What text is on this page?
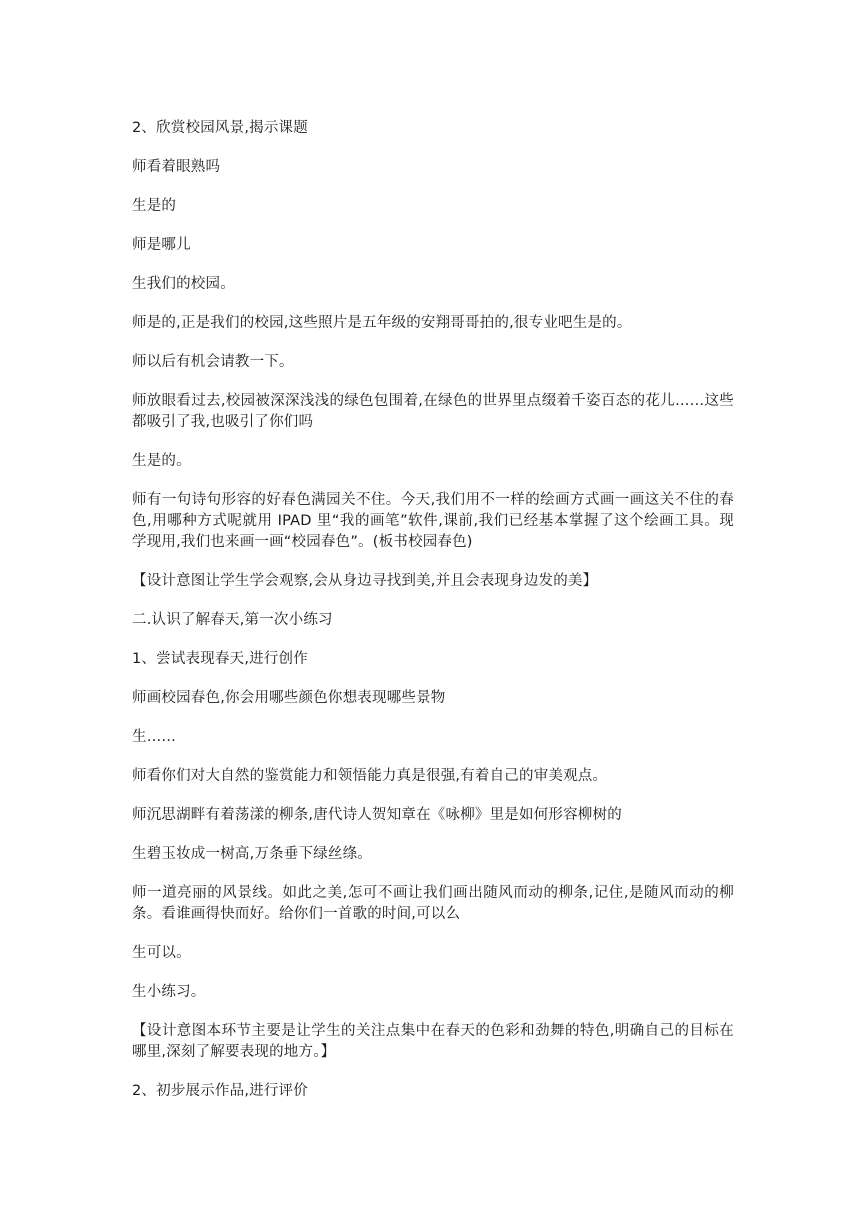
2、欣赏校园风景,揭示课题

师看着眼熟吗

生是的

师是哪儿

生我们的校园。

师是的,正是我们的校园,这些照片是五年级的安翔哥哥拍的,很专业吧生是的。

师以后有机会请教一下。

师放眼看过去,校园被深深浅浅的绿色包围着,在绿色的世界里点缀着千姿百态的花儿……这些都吸引了我,也吸引了你们吗

生是的。

师有一句诗句形容的好春色满园关不住。今天,我们用不一样的绘画方式画一画这关不住的春色,用哪种方式呢就用 IPAD 里“我的画笔”软件,课前,我们已经基本掌握了这个绘画工具。现学现用,我们也来画一画“校园春色”。(板书校园春色)

【设计意图让学生学会观察,会从身边寻找到美,并且会表现身边发的美】

二.认识了解春天,第一次小练习

1、尝试表现春天,进行创作

师画校园春色,你会用哪些颜色你想表现哪些景物

生……

师看你们对大自然的鉴赏能力和领悟能力真是很强,有着自己的审美观点。

师沉思湖畔有着荡漾的柳条,唐代诗人贺知章在《咏柳》里是如何形容柳树的

生碧玉妆成一树高,万条垂下绿丝绦。

师一道亮丽的风景线。如此之美,怎可不画让我们画出随风而动的柳条,记住,是随风而动的柳条。看谁画得快而好。给你们一首歌的时间,可以么

生可以。

生小练习。

【设计意图本环节主要是让学生的关注点集中在春天的色彩和劲舞的特色,明确自己的目标在哪里,深刻了解要表现的地方。】

2、初步展示作品,进行评价
